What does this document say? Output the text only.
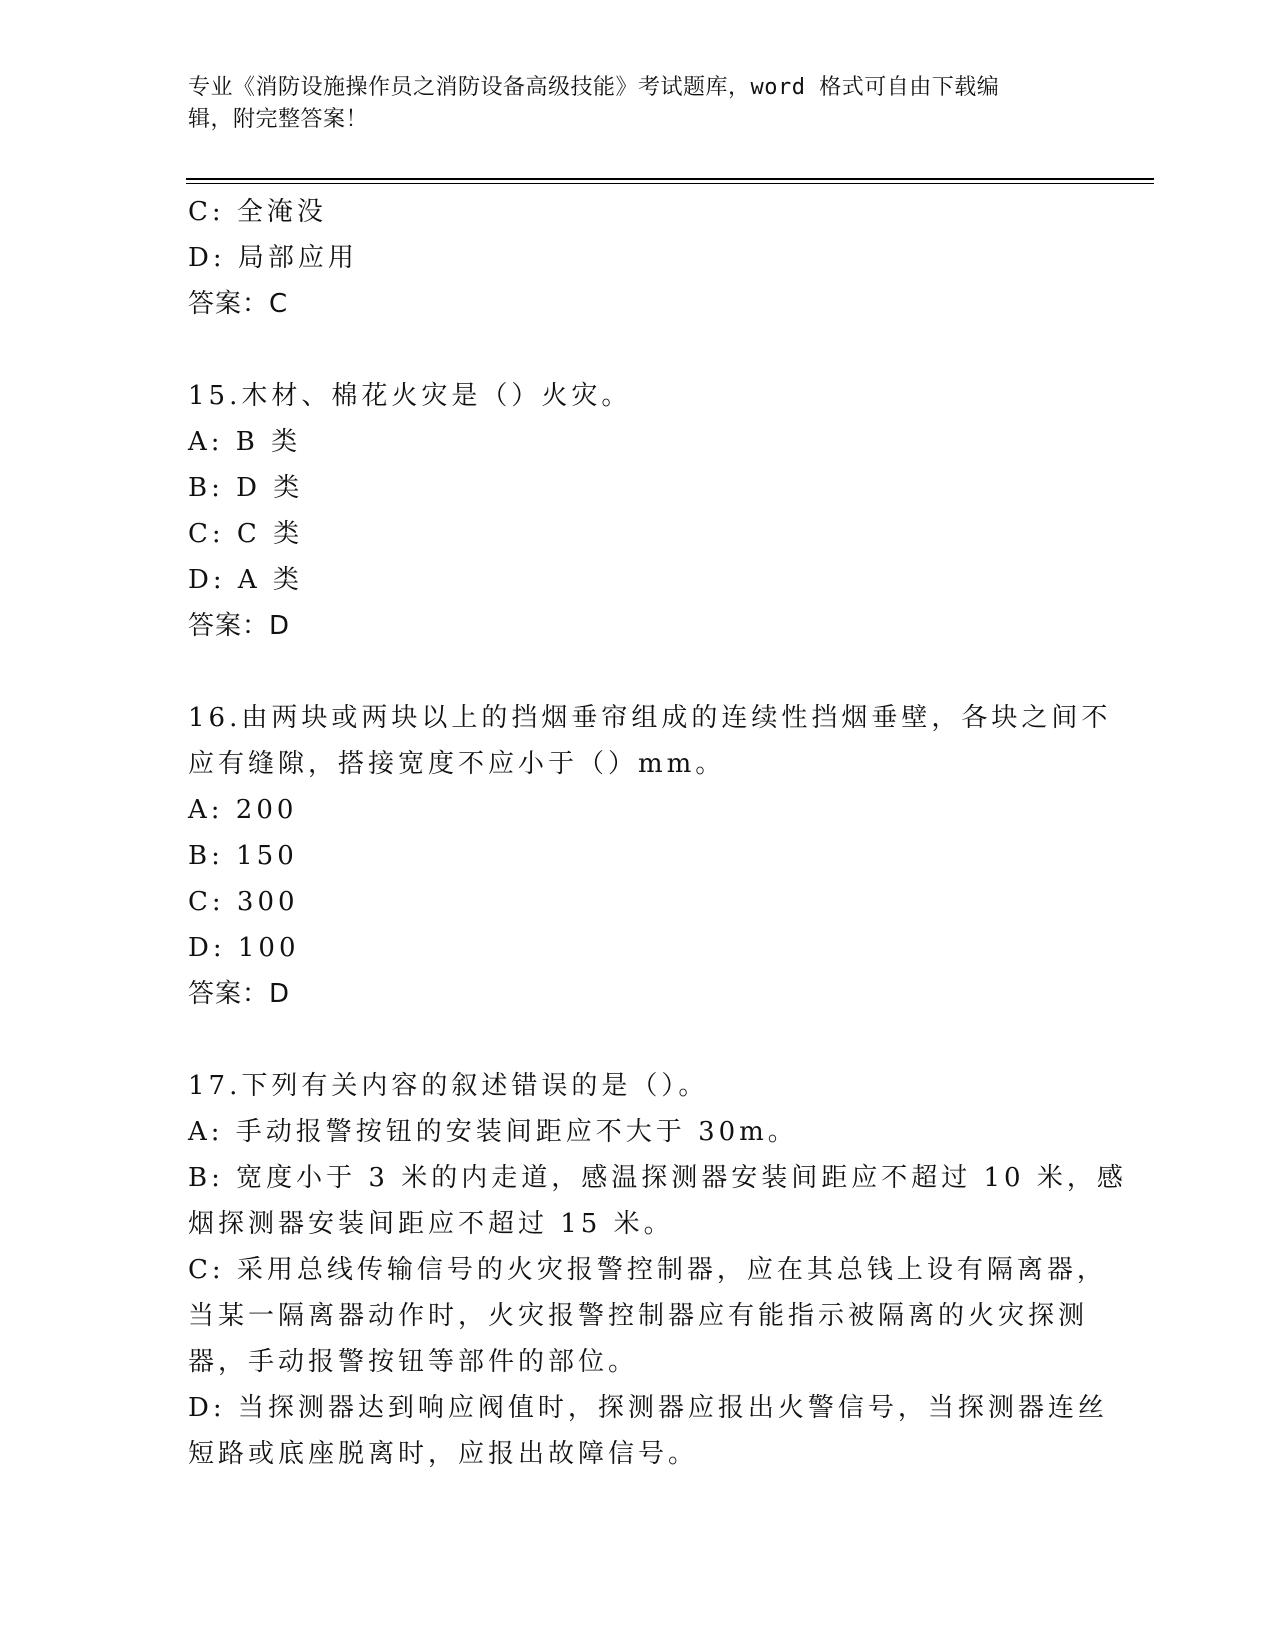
专业《消防设施操作员之消防设备高级技能》考试题库，word 格式可自由下载编
辑，附完整答案！
C: 全淹没
D: 局部应用
答案：C
15.木材、棉花火灾是（）火灾。
A: B 类
B: D 类
C: C 类
D: A 类
答案：D
16.由两块或两块以上的挡烟垂帘组成的连续性挡烟垂壁，各块之间不
应有缝隙，搭接宽度不应小于（）mm。
A: 200
B: 150
C: 300
D: 100
答案：D
17.下列有关内容的叙述错误的是（）。
A: 手动报警按钮的安装间距应不大于 30m。
B: 宽度小于 3 米的内走道，感温探测器安装间距应不超过 10 米，感
烟探测器安装间距应不超过 15 米。
C: 采用总线传输信号的火灾报警控制器，应在其总钱上设有隔离器，
当某一隔离器动作时，火灾报警控制器应有能指示被隔离的火灾探测
器，手动报警按钮等部件的部位。
D: 当探测器达到响应阀值时，探测器应报出火警信号，当探测器连丝
短路或底座脱离时，应报出故障信号。
